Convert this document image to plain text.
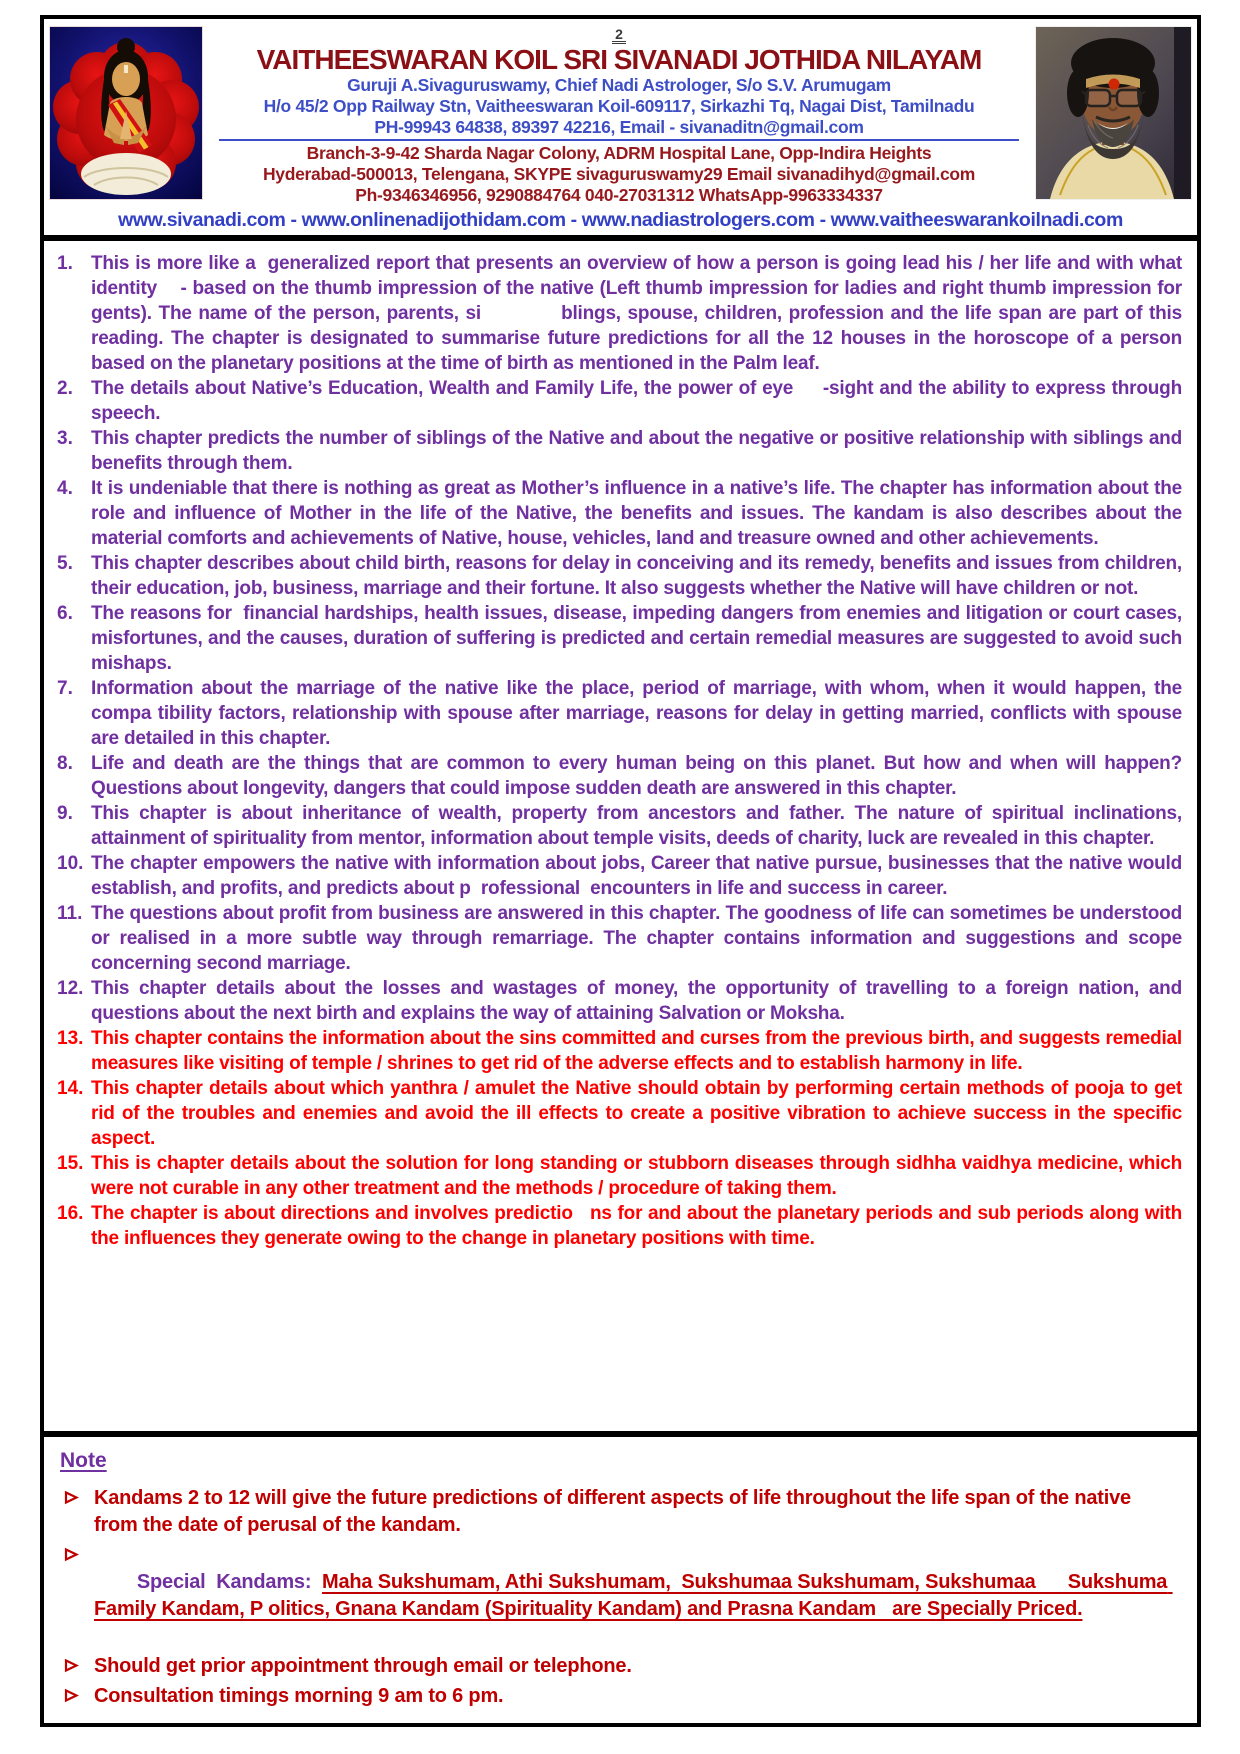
2
VAITHEESWARAN KOIL SRI SIVANADI JOTHIDA NILAYAM
Guruji A.Sivaguruswamy, Chief Nadi Astrologer, S/o S.V. Arumugam
H/o 45/2 Opp Railway Stn, Vaitheeswaran Koil-609117, Sirkazhi Tq, Nagai Dist, Tamilnadu
PH-99943 64838, 89397 42216, Email - sivanaditn@gmail.com
Branch-3-9-42 Sharda Nagar Colony, ADRM Hospital Lane, Opp-Indira Heights
Hyderabad-500013, Telengana, SKYPE sivaguruswamy29 Email sivanadihyd@gmail.com
Ph-9346346956, 9290884764 040-27031312 WhatsApp-9963334337
www.sivanadi.com - www.onlinenadijothidam.com - www.nadiastrologers.com - www.vaitheeswarankoilnadi.com
1. This is more like a  generalized report that presents an overview of how a person is going lead his / her life and with what identity    - based on the thumb impression of the native (Left thumb impression for ladies and right thumb impression for gents). The name of the person, parents, si            blings, spouse, children, profession and the life span are part of this reading. The chapter is designated to summarise future predictions for all the 12 houses in the horoscope of a person based on the planetary positions at the time of birth as mentioned in the Palm leaf.
2. The details about Native’s Education, Wealth and Family Life, the power of eye     -sight and the ability to express through speech.
3. This chapter predicts the number of siblings of the Native and about the negative or positive relationship with siblings and benefits through them.
4. It is undeniable that there is nothing as great as Mother’s influence in a native’s life. The chapter has information about the role and influence of Mother in the life of the Native, the benefits and issues. The kandam is also describes about the material comforts and achievements of Native, house, vehicles, land and treasure owned and other achievements.
5. This chapter describes about child birth, reasons for delay in conceiving and its remedy, benefits and issues from children, their education, job, business, marriage and their fortune. It also suggests whether the Native will have children or not.
6. The reasons for  financial hardships, health issues, disease, impeding dangers from enemies and litigation or court cases,    misfortunes, and the causes, duration of suffering is predicted and certain remedial measures are suggested to avoid such mishaps.
7. Information about the marriage of the native like the place, period of marriage, with whom, when it would happen, the compa tibility factors, relationship with spouse after marriage, reasons for delay in getting married, conflicts with spouse are detailed in this chapter.
8. Life and death are the things that are common to every human being on this planet. But how and when will happen? Questions about longevity, dangers that could impose sudden death are answered in this chapter.
9. This chapter is about inheritance of wealth, property from ancestors and father. The nature of spiritual inclinations, attainment of spirituality from mentor, information about temple visits, deeds of charity, luck are revealed in this chapter.
10. The chapter empowers the native with information about jobs, Career that native pursue, businesses that the native would establish, and profits, and predicts about p  rofessional  encounters in life and success in career.
11. The questions about profit from business are answered in this chapter. The goodness of life can sometimes be understood or realised in a more subtle way through remarriage. The chapter contains information and suggestions and scope concerning second marriage.
12. This chapter details about the losses and wastages of money, the opportunity of travelling to a foreign nation, and questions about the next birth and explains the way of attaining Salvation or Moksha.
13. This chapter contains the information about the sins committed and curses from the previous birth, and suggests remedial measures like visiting of temple / shrines to get rid of the adverse effects and to establish harmony in life.
14. This chapter details about which yanthra / amulet the Native should obtain by performing certain methods of pooja to get rid of the troubles and enemies and avoid the ill effects to create a positive vibration to achieve success in the specific aspect.
15. This is chapter details about the solution for long standing or stubborn diseases through sidhha vaidhya medicine, which were not curable in any other treatment and the methods / procedure of taking them.
16. The chapter is about directions and involves predictio   ns for and about the planetary periods and sub periods along with the influences they generate owing to the change in planetary positions with time.
Note
Kandams 2 to 12 will give the future predictions of different aspects of life throughout the life span of the native from the date of perusal of the kandam.

Special  Kandams:  Maha Sukshumam, Athi Sukshumam,  Sukshumaa Sukshumam, Sukshumaa      Sukshuma Family Kandam, P olitics, Gnana Kandam (Spirituality Kandam) and Prasna Kandam   are Specially Priced.

Should get prior appointment through email or telephone.
Consultation timings morning 9 am to 6 pm.
